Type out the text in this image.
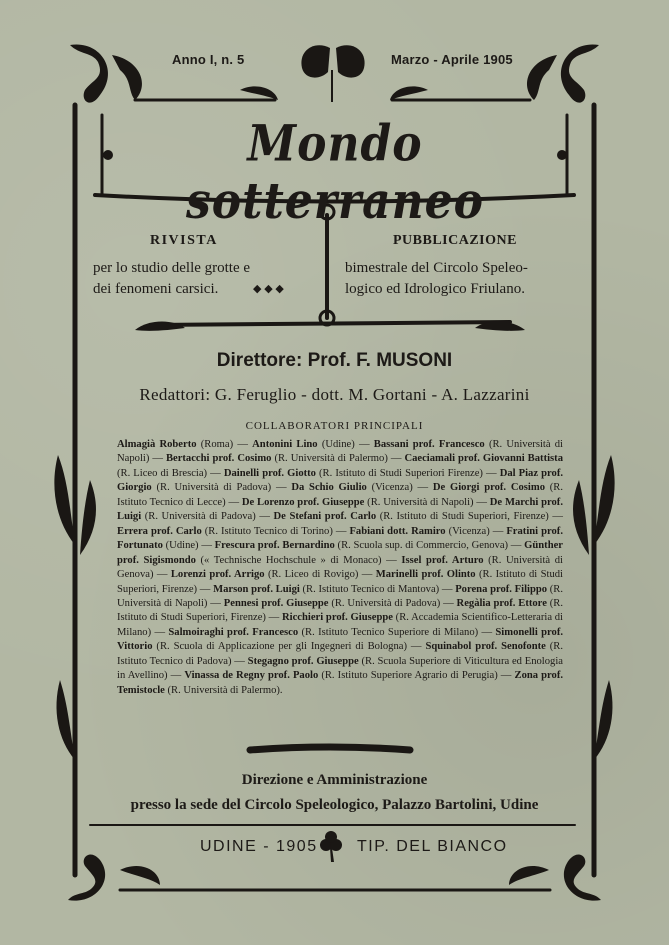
Anno I, n. 5	Marzo - Aprile 1905
Mondo sotterraneo
RIVISTA
per lo studio delle grotte e
dei fenomeni carsici.	◆ ◆ ◆
PUBBLICAZIONE
bimestrale del Circolo Speleo-
logico ed Idrologico Friulano.
Direttore: Prof. F. MUSONI
Redattori: G. Feruglio - dott. M. Gortani - A. Lazzarini
COLLABORATORI PRINCIPALI
Almagià Roberto (Roma) — Antonini Lino (Udine) — Bassani prof. Francesco (R. Università di Napoli) — Bertacchi prof. Cosimo (R. Università di Palermo) — Caeciamali prof. Giovanni Battista (R. Liceo di Brescia) — Dainelli prof. Giotto (R. Istituto di Studi Superiori Firenze) — Dal Piaz prof. Giorgio (R. Università di Padova) — Da Schio Giulio (Vicenza) — De Giorgi prof. Cosimo (R. Istituto Tecnico di Lecce) — De Lorenzo prof. Giuseppe (R. Università di Napoli) — De Marchi prof. Luigi (R. Università di Padova) — De Stefani prof. Carlo (R. Istituto di Studi Superiori, Firenze) — Errera prof. Carlo (R. Istituto Tecnico di Torino) — Fabiani dott. Ramiro (Vicenza) — Fratini prof. Fortunato (Udine) — Frescura prof. Bernardino (R. Scuola sup. di Commercio, Genova) — Günther prof. Sigismondo (« Technische Hochschule » di Monaco) — Issel prof. Arturo (R. Università di Genova) — Lorenzi prof. Arrigo (R. Liceo di Rovigo) — Marinelli prof. Olinto (R. Istituto di Studi Superiori, Firenze) — Marson prof. Luigi (R. Istituto Tecnico di Mantova) — Porena prof. Filippo (R. Università di Napoli) — Pennesi prof. Giuseppe (R. Università di Padova) — Regàlia prof. Ettore (R. Istituto di Studi Superiori, Firenze) — Ricchieri prof. Giuseppe (R. Accademia Scientifico-Letteraria di Milano) — Salmoiraghi prof. Francesco (R. Istituto Tecnico Superiore di Milano) — Simonelli prof. Vittorio (R. Scuola di Applicazione per gli Ingegneri di Bologna) — Squinabol prof. Senofonte (R. Istituto Tecnico di Padova) — Stegagno prof. Giuseppe (R. Scuola Superiore di Viticultura ed Enologia in Avellino) — Vinassa de Regny prof. Paolo (R. Istituto Superiore Agrario di Perugia) — Zona prof. Temistocle (R. Università di Palermo).
Direzione e Amministrazione
presso la sede del Circolo Speleologico, Palazzo Bartolini, Udine
UDINE - 1905 TIP. DEL BIANCO
